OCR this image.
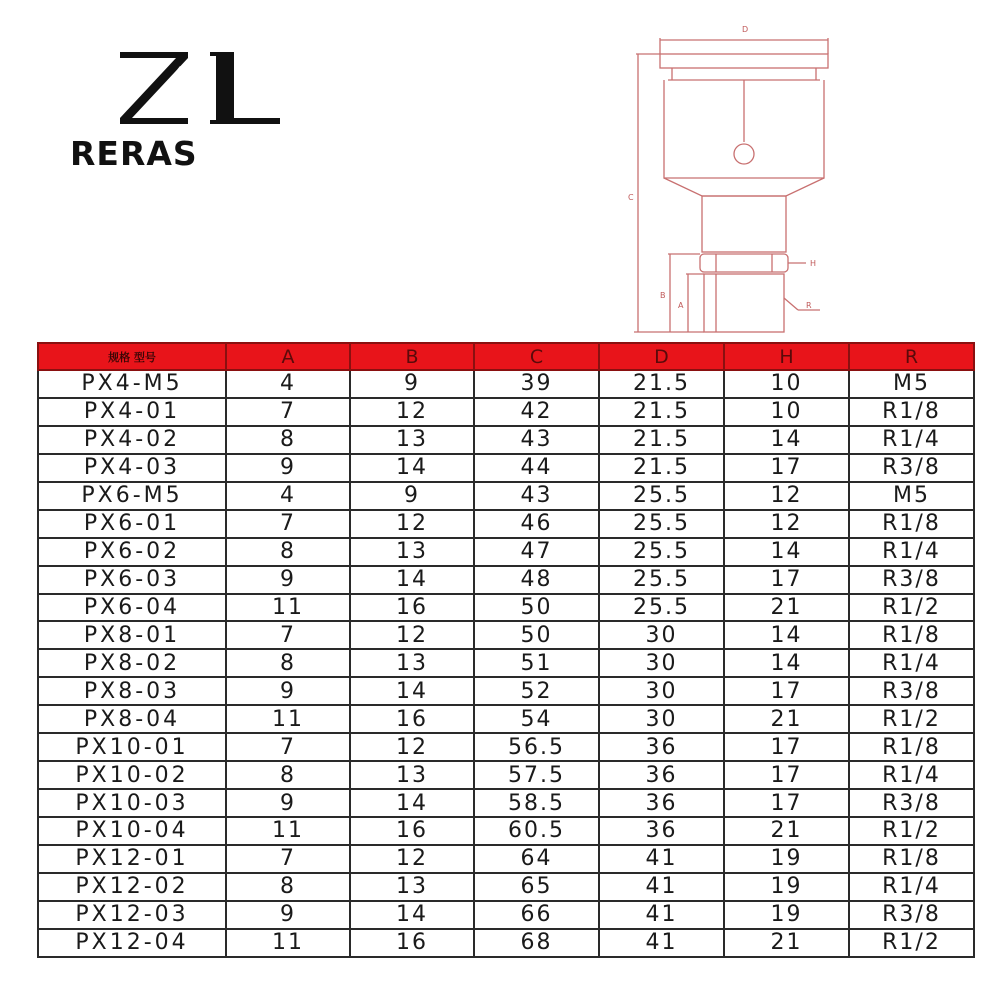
RERAS
D
C
B
A
H
R
规格 型号	A	B	C	D	H	R
PX4-M5	4	9	39	21.5	10	M5
PX4-01	7	12	42	21.5	10	R1/8
PX4-02	8	13	43	21.5	14	R1/4
PX4-03	9	14	44	21.5	17	R3/8
PX6-M5	4	9	43	25.5	12	M5
PX6-01	7	12	46	25.5	12	R1/8
PX6-02	8	13	47	25.5	14	R1/4
PX6-03	9	14	48	25.5	17	R3/8
PX6-04	11	16	50	25.5	21	R1/2
PX8-01	7	12	50	30	14	R1/8
PX8-02	8	13	51	30	14	R1/4
PX8-03	9	14	52	30	17	R3/8
PX8-04	11	16	54	30	21	R1/2
PX10-01	7	12	56.5	36	17	R1/8
PX10-02	8	13	57.5	36	17	R1/4
PX10-03	9	14	58.5	36	17	R3/8
PX10-04	11	16	60.5	36	21	R1/2
PX12-01	7	12	64	41	19	R1/8
PX12-02	8	13	65	41	19	R1/4
PX12-03	9	14	66	41	19	R3/8
PX12-04	11	16	68	41	21	R1/2
